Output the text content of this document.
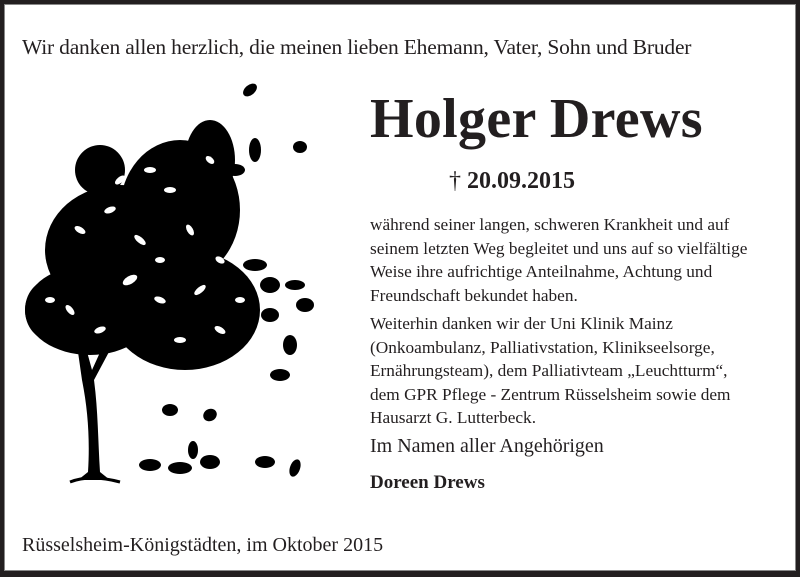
Wir danken allen herzlich, die meinen lieben Ehemann, Vater, Sohn und Bruder
Holger Drews
† 20.09.2015
während seiner langen, schweren Krankheit und auf
seinem letzten Weg begleitet und uns auf so vielfältige
Weise ihre aufrichtige Anteilnahme, Achtung und
Freundschaft bekundet haben.
Weiterhin danken wir der Uni Klinik Mainz
(Onkoambulanz, Palliativstation, Klinikseelsorge,
Ernährungsteam), dem Palliativteam „Leuchtturm“,
dem GPR Pflege - Zentrum Rüsselsheim sowie dem
Hausarzt G. Lutterbeck.
Im Namen aller Angehörigen
Doreen Drews
Rüsselsheim-Königstädten, im Oktober 2015
